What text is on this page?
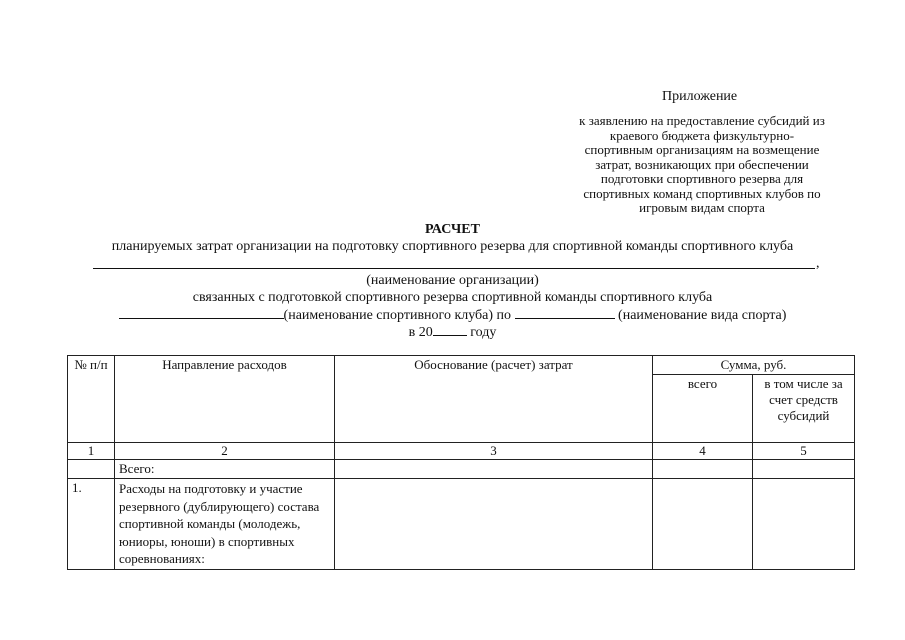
Приложение
к заявлению на предоставление субсидий из
краевого бюджета физкультурно-
спортивным организациям на возмещение
затрат, возникающих при обеспечении
подготовки спортивного резерва для
спортивных команд спортивных клубов по
игровым видам спорта
РАСЧЕТ
планируемых затрат организации на подготовку спортивного резерва для спортивной команды спортивного клуба
,
(наименование организации)
связанных с подготовкой спортивного резерва спортивной команды спортивного клуба
(наименование спортивного клуба) по	(наименование вида спорта)
в 20	году
№ п/п	Направление расходов	Обоснование (расчет) затрат	Сумма, руб.	
			всего	в том числе за счет средств субсидий
1	2	3	4	5
	Всего:			
1.	Расходы на подготовку и участие резервного (дублирующего) состава спортивной команды (молодежь, юниоры, юноши) в спортивных соревнованиях:			
